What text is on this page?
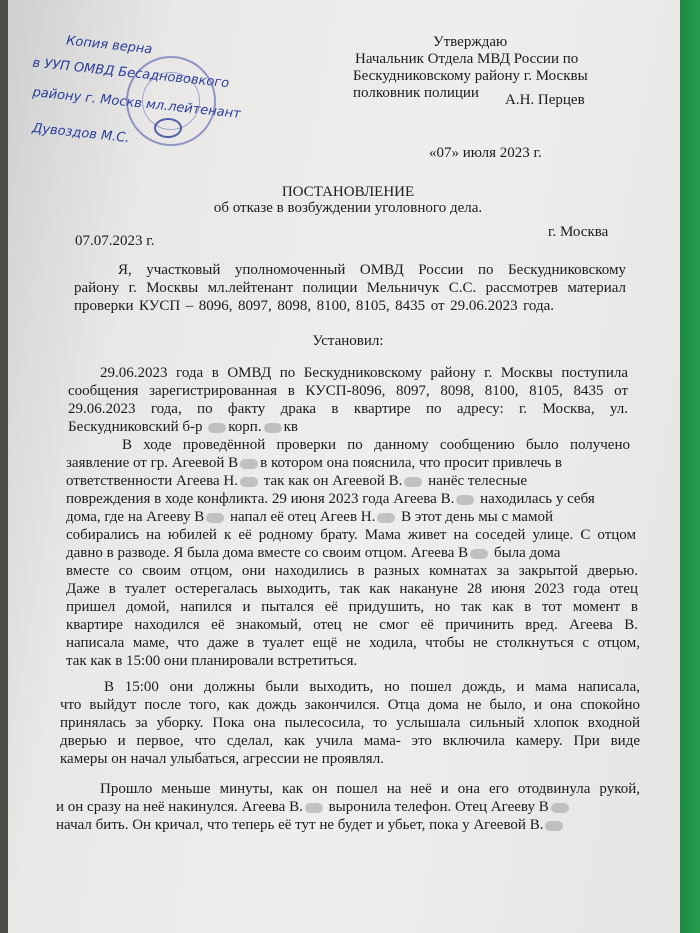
Копия верна
в УУП ОМВД Бесаднововкого
району г. Москв мл.лейтенант
Дувоздов М.С.
Утверждаю
Начальник Отдела МВД России по
Бескудниковскому району г. Москвы
полковник полиции А.Н. Перцев
«07» июля 2023 г.
ПОСТАНОВЛЕНИЕ
об отказе в возбуждении уголовного дела.
07.07.2023 г.
г. Москва
Я, участковый уполномоченный ОМВД России по Бескудниковскому
району г. Москвы мл.лейтенант полиции Мельничук С.С. рассмотрев материал
проверки КУСП – 8096, 8097, 8098, 8100, 8105, 8435 от 29.06.2023 года.
Установил:
29.06.2023 года в ОМВД по Бескудниковскому району г. Москвы поступила
сообщения зарегистрированная в КУСП-8096, 8097, 8098, 8100, 8105, 8435 от
29.06.2023 года, по факту драка в квартире по адресу: г. Москва, ул.
Бескудниковский б-р корп. кв
В ходе проведённой проверки по данному сообщению было получено
заявление от гр. Агеевой В в котором она пояснила, что просит привлечь в
ответственности Агеева Н. так как он Агеевой В. нанёс телесные
повреждения в ходе конфликта. 29 июня 2023 года Агеева В. находилась у себя
дома, где на Агееву В напал её отец Агеев Н. В этот день мы с мамой
собирались на юбилей к её родному брату. Мама живет на соседей улице. С отцом
давно в разводе. Я была дома вместе со своим отцом. Агеева В была дома
вместе со своим отцом, они находились в разных комнатах за закрытой дверью.
Даже в туалет остерегалась выходить, так как накануне 28 июня 2023 года отец
пришел домой, напился и пытался её придушить, но так как в тот момент в
квартире находился её знакомый, отец не смог её причинить вред. Агеева В.
написала маме, что даже в туалет ещё не ходила, чтобы не столкнуться с отцом,
так как в 15:00 они планировали встретиться.
В 15:00 они должны были выходить, но пошел дождь, и мама написала,
что выйдут после того, как дождь закончился. Отца дома не было, и она спокойно
принялась за уборку. Пока она пылесосила, то услышала сильный хлопок входной
дверью и первое, что сделал, как учила мама- это включила камеру. При виде
камеры он начал улыбаться, агрессии не проявлял.
Прошло меньше минуты, как он пошел на неё и она его отодвинула рукой,
и он сразу на неё накинулся. Агеева В. выронила телефон. Отец Агееву В
начал бить. Он кричал, что теперь её тут не будет и убьет, пока у Агеевой В.
